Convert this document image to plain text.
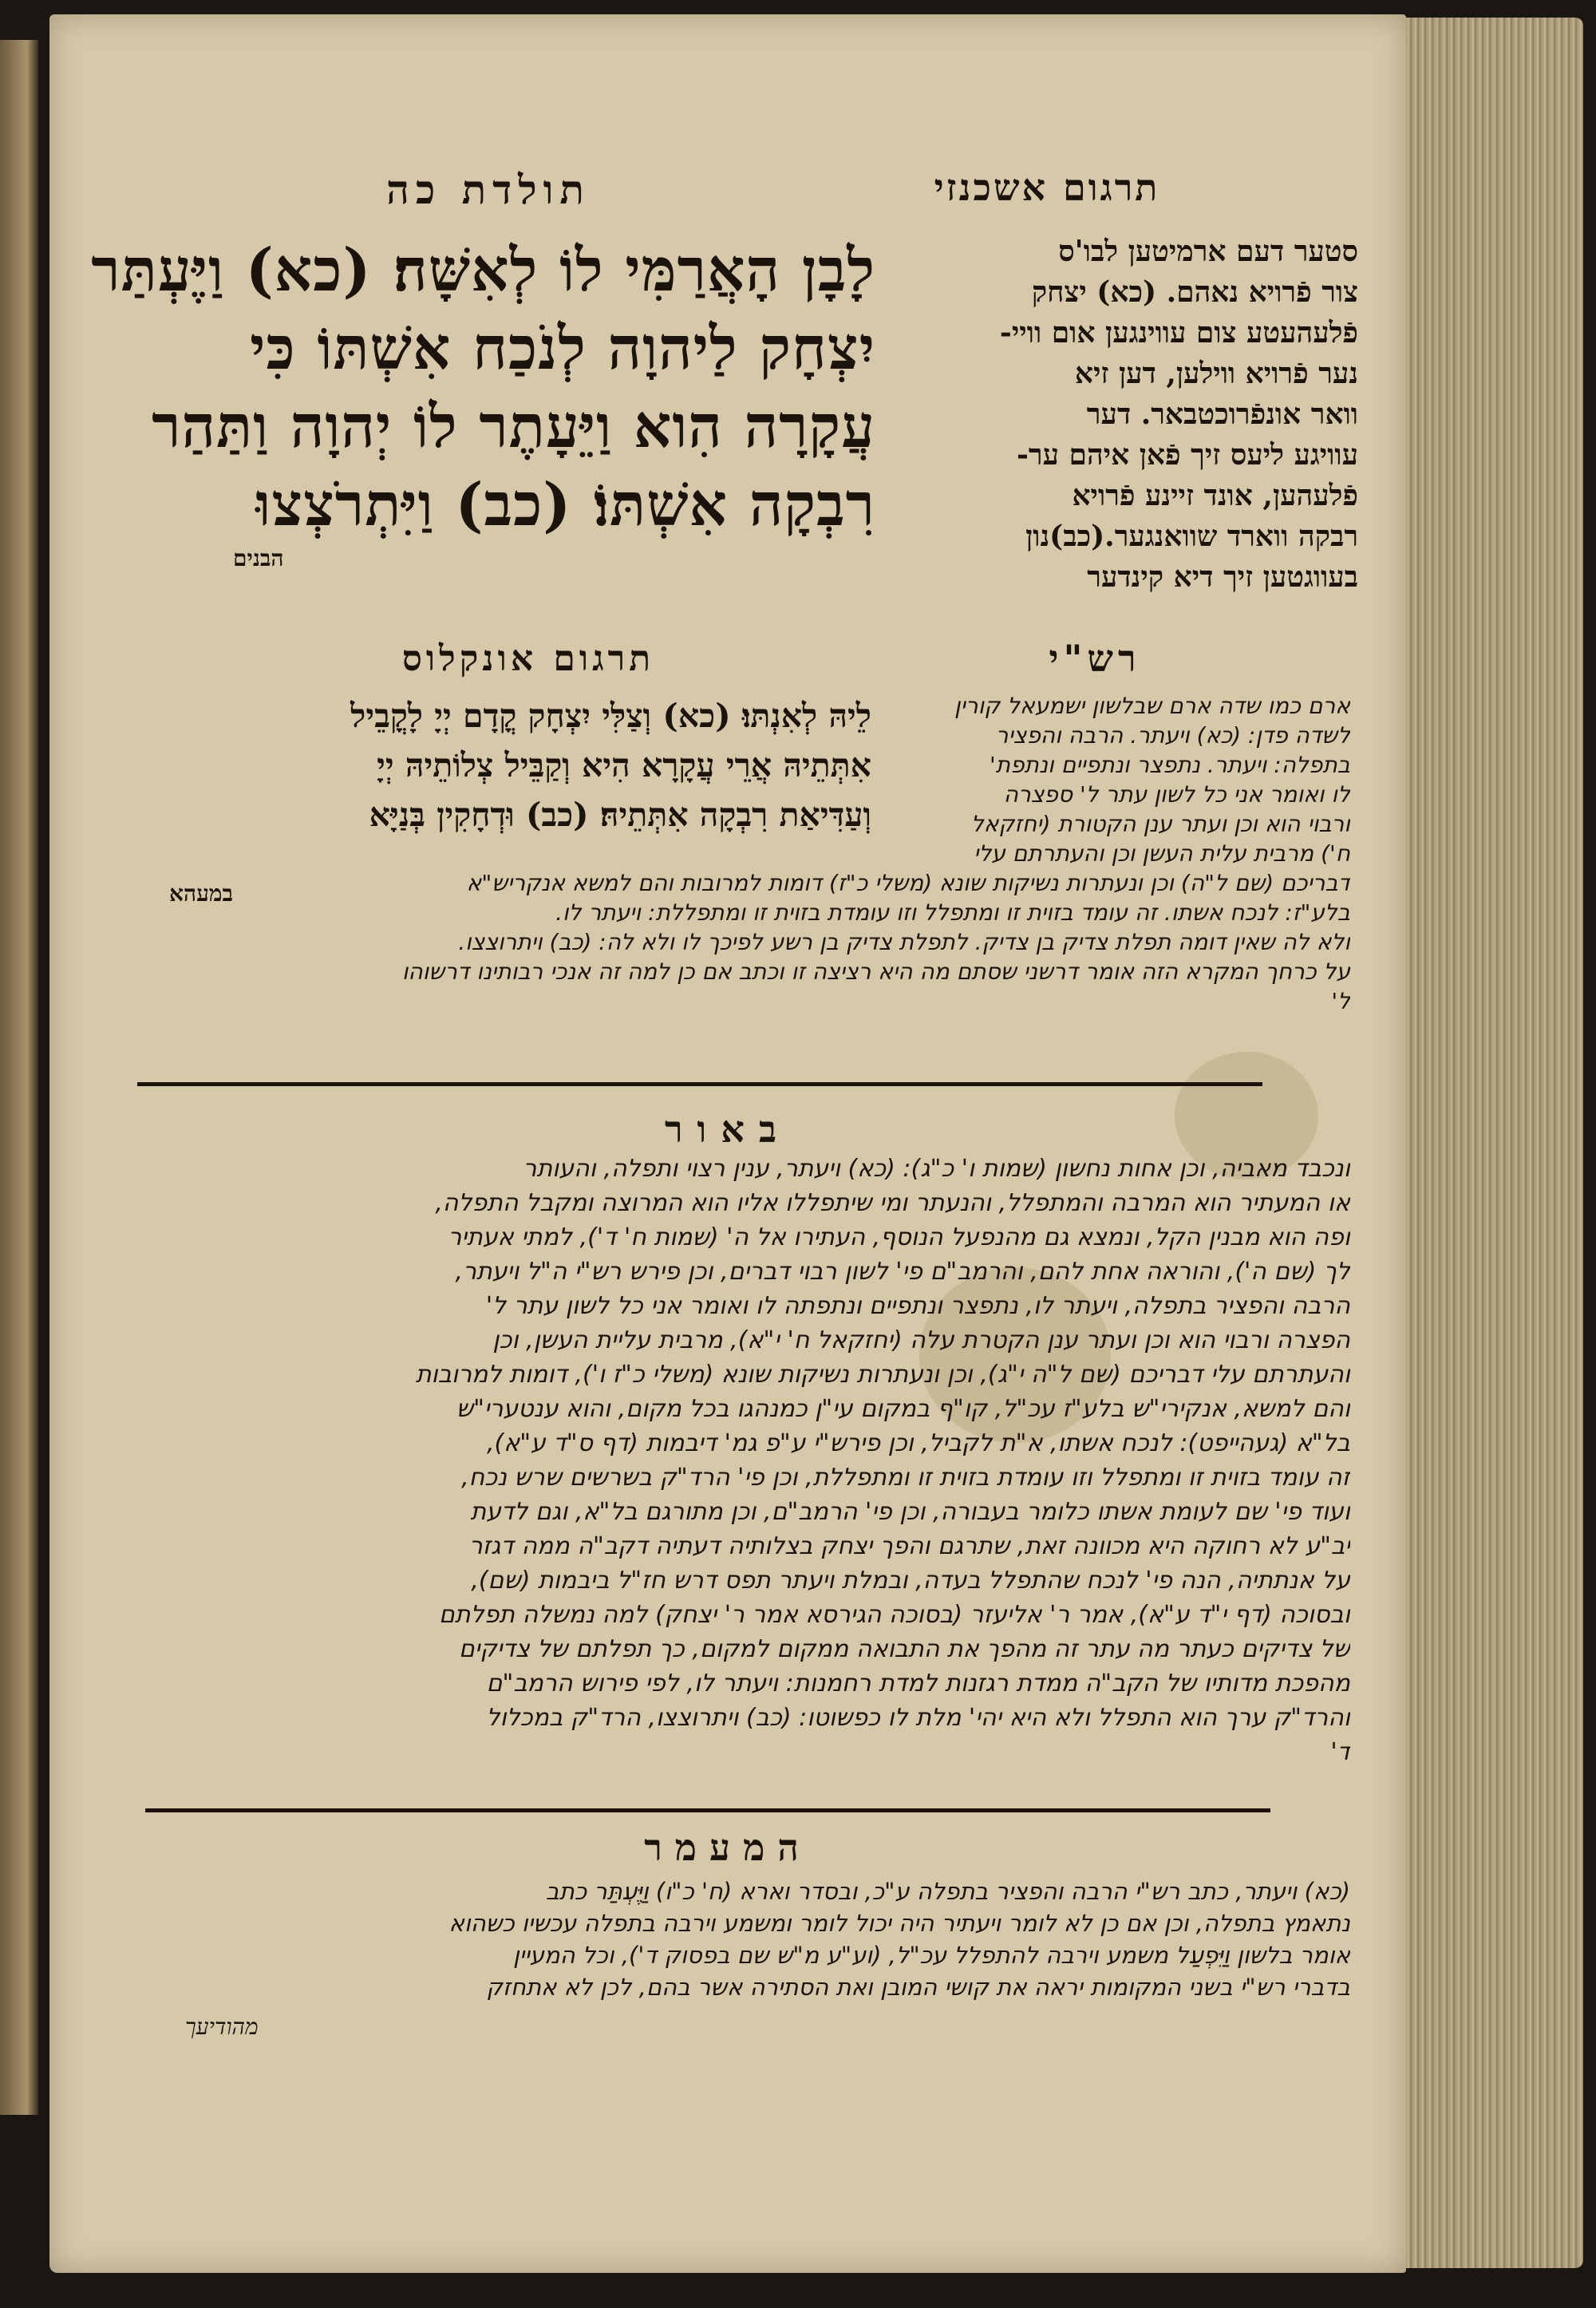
תולדת כה	תרגום אשכנזי
לָבָן הָאֲרַמִּי לוֹ לְאִשָּׁה׃ (כא) וַיֶּעְתַּר
יִצְחָק לַיהוָה לְנֹכַח אִשְׁתּוֹ כִּי
עֲקָרָה הִוא וַיֵּעָתֶר לוֹ יְהוָה וַתַּהַר
רִבְקָה אִשְׁתּוֹ׃ (כב) וַיִּתְרֹצְצוּ
הבנים
סטער דעם ארמיטען לבו'ס
צור פֿרויא נאהם. (כא) יצחק
פֿלעהעטע צום עווינגען אום וויי-
נער פֿרויא ווילען, דען זיא
וואר אונפֿרוכטבאר. דער
עוויגע ליעס זיך פֿאן איהם ער-
פֿלעהען, אונד זיינע פֿרויא
רבקה ווארד שוואנגער.(כב)נון
בעווגטען זיך דיא קינדער
תרגום אונקלוס
לֵיהּ לְאִנְתּוּ׃ (כא) וְצַלִּי יִצְחָק קֳדָם יְיָ לָקֳבֵיל
אִתְּתֵיהּ אֲרֵי עֲקָרָא הִיא וְקַבֵּיל צְלוֹתֵיהּ יְיָ
וְעַדִּיאַת רִבְקָה אִתְּתֵיהּ׃ (כב) וּדְחָקִין בְּנַיָּא
במעהא
רש"י
ארם כמו שדה ארם שבלשון ישמעאל קורין
לשדה פדן: (כא) ויעתר. הרבה והפציר
בתפלה: ויעתר. נתפצר ונתפיים ונתפת'
לו ואומר אני כל לשון עתר ל' ספצרה
ורבוי הוא וכן ועתר ענן הקטורת (יחזקאל
ח') מרבית עלית העשן וכן והעתרתם עלי
דבריכם (שם ל"ה) וכן ונעתרות נשיקות שונא (משלי כ"ז) דומות למרובות והם למשא אנקריש"א
בלע"ז: לנכח אשתו. זה עומד בזוית זו ומתפלל וזו עומדת בזוית זו ומתפללת: ויעתר לו.
ולא לה שאין דומה תפלת צדיק בן צדיק. לתפלת צדיק בן רשע לפיכך לו ולא לה: (כב) ויתרוצצו.
על כרחך המקרא הזה אומר דרשני שסתם מה היא רציצה זו וכתב אם כן למה זה אנכי רבותינו דרשוהו
ל'
באור
ונכבד מאביה, וכן אחות נחשון (שמות ו' כ"ג): (כא) ויעתר, ענין רצוי ותפלה, והעותר
או המעתיר הוא המרבה והמתפלל, והנעתר ומי שיתפללו אליו הוא המרוצה ומקבל התפלה,
ופה הוא מבנין הקל, ונמצא גם מהנפעל הנוסף, העתירו אל ה' (שמות ח' ד'), למתי אעתיר
לך (שם ה'), והוראה אחת להם, והרמב"ם פי' לשון רבוי דברים, וכן פירש רש"י ה"ל ויעתר,
הרבה והפציר בתפלה, ויעתר לו, נתפצר ונתפיים ונתפתה לו ואומר אני כל לשון עתר ל'
הפצרה ורבוי הוא וכן ועתר ענן הקטרת עלה (יחזקאל ח' י"א), מרבית עליית העשן, וכן
והעתרתם עלי דבריכם (שם ל"ה י"ג), וכן ונעתרות נשיקות שונא (משלי כ"ז ו'), דומות למרובות
והם למשא, אנקירי"ש בלע"ז עכ"ל, קו"ף במקום עי"ן כמנהגו בכל מקום, והוא ענטערי"ש
בל"א (געהייפט): לנכח אשתו, א"ת לקביל, וכן פירש"י ע"פ גמ' דיבמות (דף ס"ד ע"א),
זה עומד בזוית זו ומתפלל וזו עומדת בזוית זו ומתפללת, וכן פי' הרד"ק בשרשים שרש נכח,
ועוד פי' שם לעומת אשתו כלומר בעבורה, וכן פי' הרמב"ם, וכן מתורגם בל"א, וגם לדעת
יב"ע לא רחוקה היא מכוונה זאת, שתרגם והפך יצחק בצלותיה דעתיה דקב"ה ממה דגזר
על אנתתיה, הנה פי' לנכח שהתפלל בעדה, ובמלת ויעתר תפס דרש חז"ל ביבמות (שם),
ובסוכה (דף י"ד ע"א), אמר ר' אליעזר (בסוכה הגירסא אמר ר' יצחק) למה נמשלה תפלתם
של צדיקים כעתר מה עתר זה מהפך את התבואה ממקום למקום, כך תפלתם של צדיקים
מהפכת מדותיו של הקב"ה ממדת רגזנות למדת רחמנות: ויעתר לו, לפי פירוש הרמב"ם
והרד"ק ערך הוא התפלל ולא היא יהי' מלת לו כפשוטו: (כב) ויתרוצצו, הרד"ק במכלול
ד'
המעמר
(כא) ויעתר, כתב רש"י הרבה והפציר בתפלה ע"כ, ובסדר וארא (ח' כ"ו) וַיֶּעְתַּר כתב
נתאמץ בתפלה, וכן אם כן לא לומר ויעתיר היה יכול לומר ומשמע וירבה בתפלה עכשיו כשהוא
אומר בלשון וַיִּפְעַל משמע וירבה להתפלל עכ"ל, (וע"ע מ"ש שם בפסוק ד'), וכל המעיין
בדברי רש"י בשני המקומות יראה את קושי המובן ואת הסתירה אשר בהם, לכן לא אתחזק
מהודיעך
